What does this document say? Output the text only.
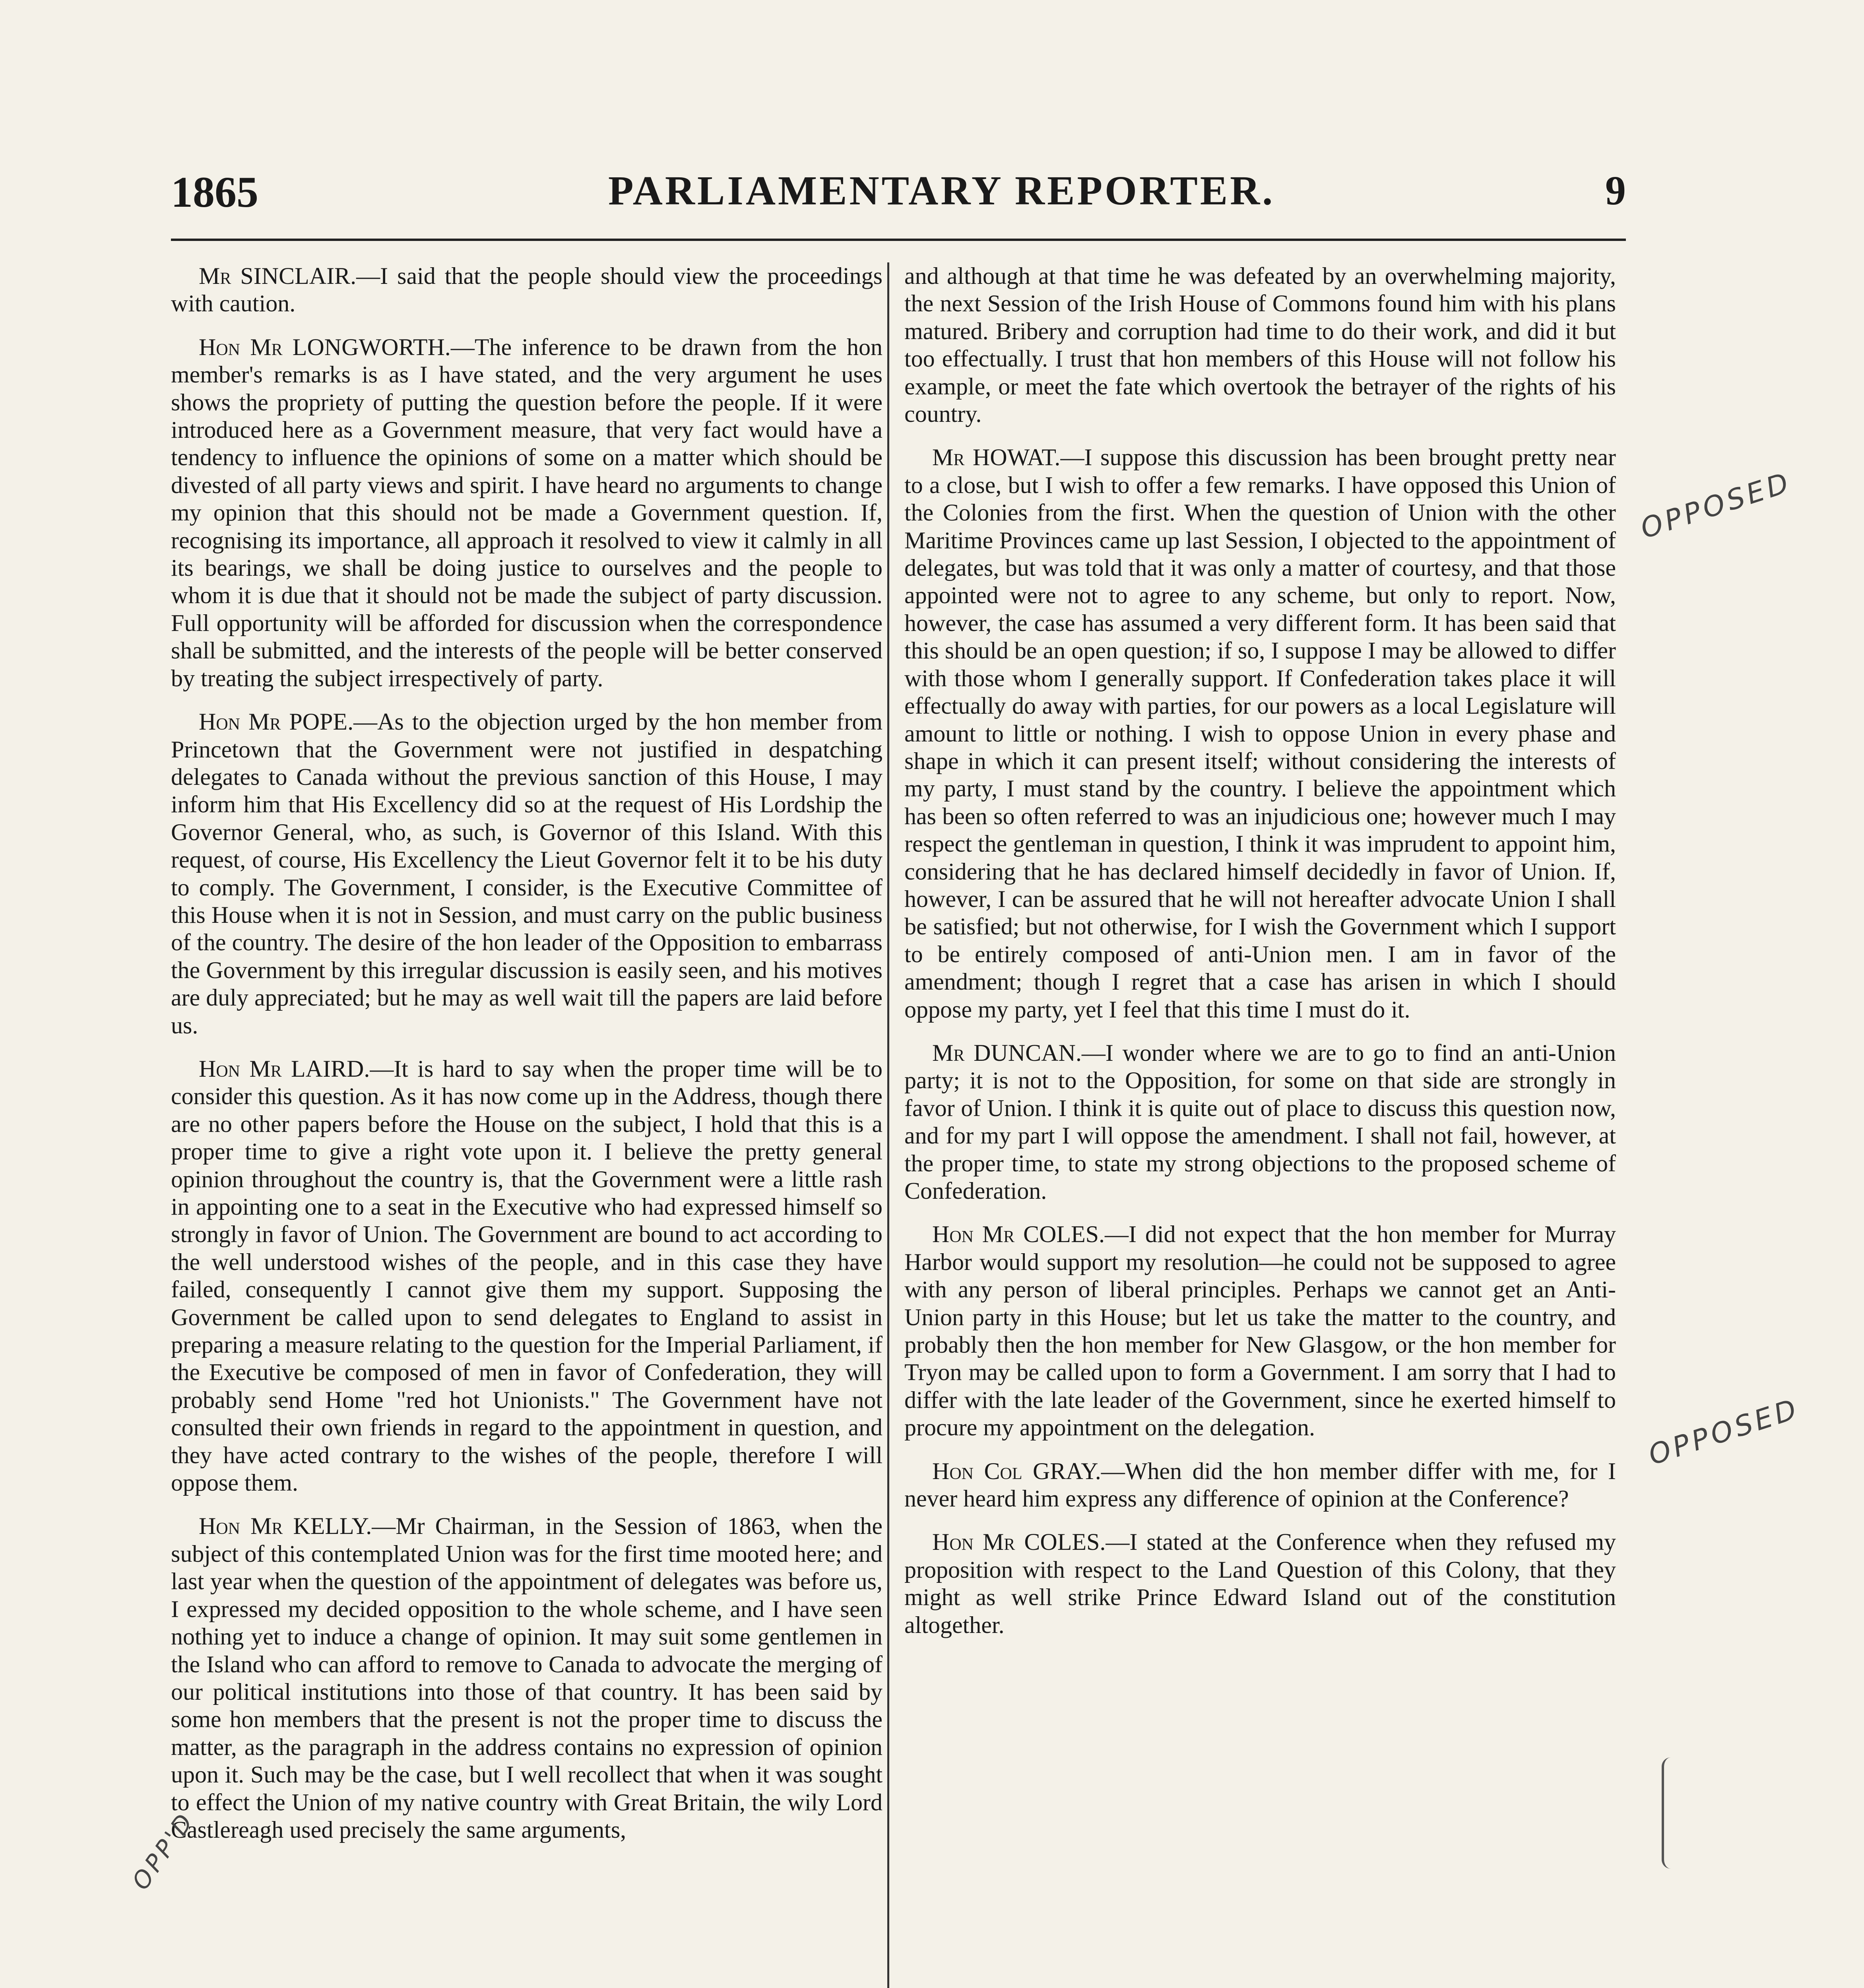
1865	PARLIAMENTARY REPORTER.	9

Mr SINCLAIR.—I said that the people should view the proceedings with caution.

Hon Mr LONGWORTH.—The inference to be drawn from the hon member's remarks is as I have stated, and the very argument he uses shows the propriety of putting the question before the people. If it were introduced here as a Government measure, that very fact would have a tendency to influence the opinions of some on a matter which should be divested of all party views and spirit. I have heard no arguments to change my opinion that this should not be made a Government question. If, recognising its importance, all approach it resolved to view it calmly in all its bearings, we shall be doing justice to ourselves and the people to whom it is due that it should not be made the subject of party discussion. Full opportunity will be afforded for discussion when the correspondence shall be submitted, and the interests of the people will be better conserved by treating the subject irrespectively of party.

Hon Mr POPE.—As to the objection urged by the hon member from Princetown that the Government were not justified in despatching delegates to Canada without the previous sanction of this House, I may inform him that His Excellency did so at the request of His Lordship the Governor General, who, as such, is Governor of this Island. With this request, of course, His Excellency the Lieut Governor felt it to be his duty to comply. The Government, I consider, is the Executive Committee of this House when it is not in Session, and must carry on the public business of the country. The desire of the hon leader of the Opposition to embarrass the Government by this irregular discussion is easily seen, and his motives are duly appreciated; but he may as well wait till the papers are laid before us.

Hon Mr LAIRD.—It is hard to say when the proper time will be to consider this question. As it has now come up in the Address, though there are no other papers before the House on the subject, I hold that this is a proper time to give a right vote upon it. I believe the pretty general opinion throughout the country is, that the Government were a little rash in appointing one to a seat in the Executive who had expressed himself so strongly in favor of Union. The Government are bound to act according to the well understood wishes of the people, and in this case they have failed, consequently I cannot give them my support. Supposing the Government be called upon to send delegates to England to assist in preparing a measure relating to the question for the Imperial Parliament, if the Executive be composed of men in favor of Confederation, they will probably send Home "red hot Unionists." The Government have not consulted their own friends in regard to the appointment in question, and they have acted contrary to the wishes of the people, therefore I will oppose them.

Hon Mr KELLY.—Mr Chairman, in the Session of 1863, when the subject of this contemplated Union was for the first time mooted here; and last year when the question of the appointment of delegates was before us, I expressed my decided opposition to the whole scheme, and I have seen nothing yet to induce a change of opinion. It may suit some gentlemen in the Island who can afford to remove to Canada to advocate the merging of our political institutions into those of that country. It has been said by some hon members that the present is not the proper time to discuss the matter, as the paragraph in the address contains no expression of opinion upon it. Such may be the case, but I well recollect that when it was sought to effect the Union of my native country with Great Britain, the wily Lord Castlereagh used precisely the same arguments,

and although at that time he was defeated by an overwhelming majority, the next Session of the Irish House of Commons found him with his plans matured. Bribery and corruption had time to do their work, and did it but too effectually. I trust that hon members of this House will not follow his example, or meet the fate which overtook the betrayer of the rights of his country.

Mr HOWAT.—I suppose this discussion has been brought pretty near to a close, but I wish to offer a few remarks. I have opposed this Union of the Colonies from the first. When the question of Union with the other Maritime Provinces came up last Session, I objected to the appointment of delegates, but was told that it was only a matter of courtesy, and that those appointed were not to agree to any scheme, but only to report. Now, however, the case has assumed a very different form. It has been said that this should be an open question; if so, I suppose I may be allowed to differ with those whom I generally support. If Confederation takes place it will effectually do away with parties, for our powers as a local Legislature will amount to little or nothing. I wish to oppose Union in every phase and shape in which it can present itself; without considering the interests of my party, I must stand by the country. I believe the appointment which has been so often referred to was an injudicious one; however much I may respect the gentleman in question, I think it was imprudent to appoint him, considering that he has declared himself decidedly in favor of Union. If, however, I can be assured that he will not hereafter advocate Union I shall be satisfied; but not otherwise, for I wish the Government which I support to be entirely composed of anti-Union men. I am in favor of the amendment; though I regret that a case has arisen in which I should oppose my party, yet I feel that this time I must do it.

Mr DUNCAN.—I wonder where we are to go to find an anti-Union party; it is not to the Opposition, for some on that side are strongly in favor of Union. I think it is quite out of place to discuss this question now, and for my part I will oppose the amendment. I shall not fail, however, at the proper time, to state my strong objections to the proposed scheme of Confederation.

Hon Mr COLES.—I did not expect that the hon member for Murray Harbor would support my resolution—he could not be supposed to agree with any person of liberal principles. Perhaps we cannot get an Anti-Union party in this House; but let us take the matter to the country, and probably then the hon member for New Glasgow, or the hon member for Tryon may be called upon to form a Government. I am sorry that I had to differ with the late leader of the Government, since he exerted himself to procure my appointment on the delegation.

Hon Col GRAY.—When did the hon member differ with me, for I never heard him express any difference of opinion at the Conference?

Hon Mr COLES.—I stated at the Conference when they refused my proposition with respect to the Land Question of this Colony, that they might as well strike Prince Edward Island out of the constitution altogether.

OPPOSED
OPPOSED
OPP'D
